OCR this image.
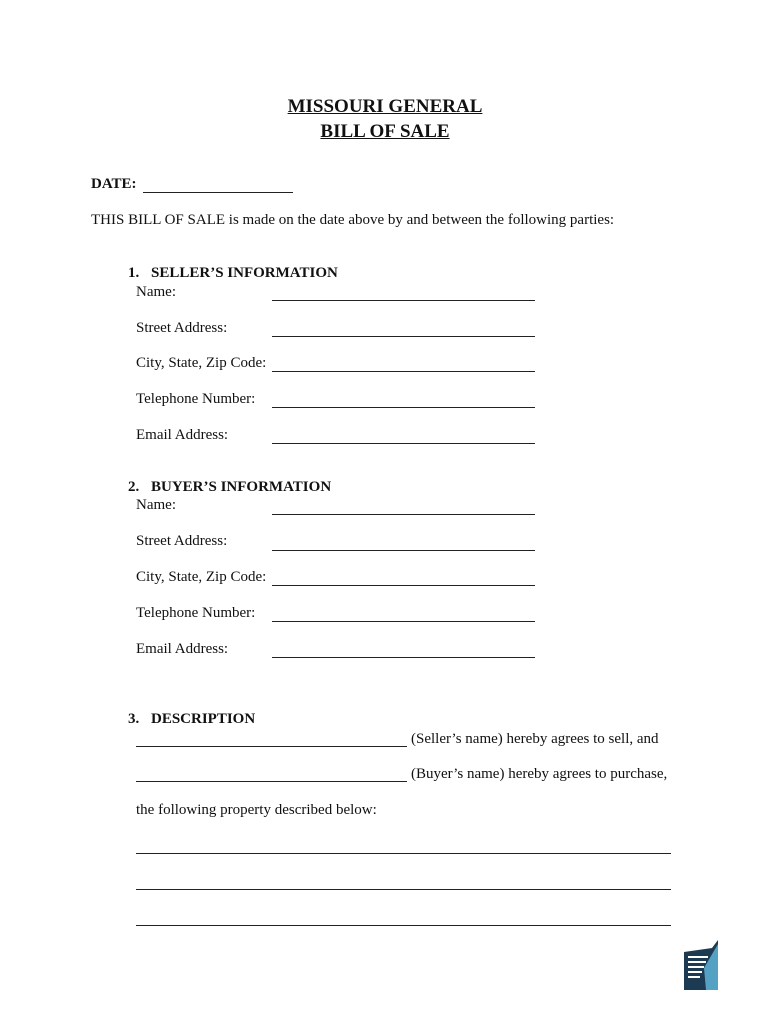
MISSOURI GENERAL
BILL OF SALE
DATE:
THIS BILL OF SALE is made on the date above by and between the following parties:

1. SELLER’S INFORMATION

Name:
Street Address:
City, State, Zip Code:
Telephone Number:
Email Address:

2. BUYER’S INFORMATION

Name:
Street Address:
City, State, Zip Code:
Telephone Number:
Email Address:

3. DESCRIPTION

(Seller’s name) hereby agrees to sell, and
(Buyer’s name) hereby agrees to purchase,
the following property described below:
